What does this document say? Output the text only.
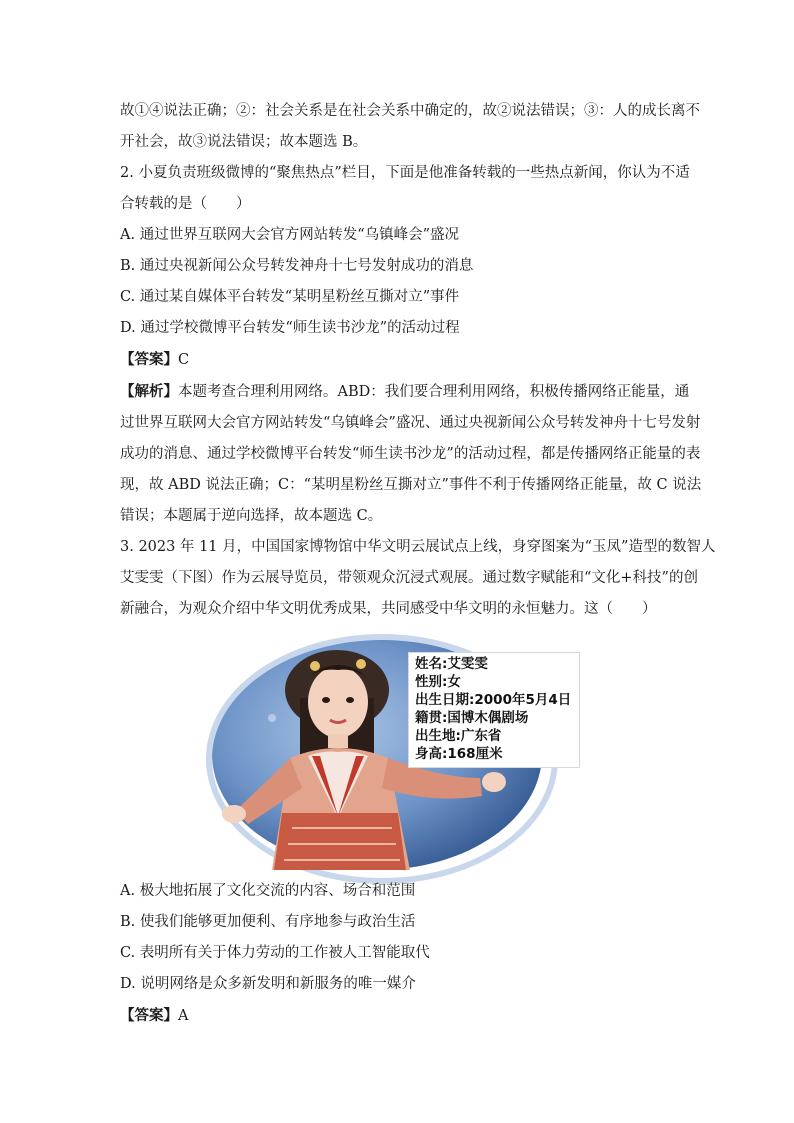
故①④说法正确；②：社会关系是在社会关系中确定的，故②说法错误；③：人的成长离不
开社会，故③说法错误；故本题选 B。
2. 小夏负责班级微博的“聚焦热点”栏目，下面是他准备转载的一些热点新闻，你认为不适
合转载的是（　　）
A. 通过世界互联网大会官方网站转发“乌镇峰会”盛况
B. 通过央视新闻公众号转发神舟十七号发射成功的消息
C. 通过某自媒体平台转发“某明星粉丝互撕对立”事件
D. 通过学校微博平台转发“师生读书沙龙”的活动过程
【答案】C
【解析】本题考查合理利用网络。ABD：我们要合理利用网络，积极传播网络正能量，通
过世界互联网大会官方网站转发“乌镇峰会”盛况、通过央视新闻公众号转发神舟十七号发射
成功的消息、通过学校微博平台转发“师生读书沙龙”的活动过程，都是传播网络正能量的表
现，故 ABD 说法正确；C：“某明星粉丝互撕对立”事件不利于传播网络正能量，故 C 说法
错误；本题属于逆向选择，故本题选 C。
3. 2023 年 11 月，中国国家博物馆中华文明云展试点上线，身穿图案为“玉凤”造型的数智人
艾雯雯（下图）作为云展导览员，带领观众沉浸式观展。通过数字赋能和“文化+科技”的创
新融合，为观众介绍中华文明优秀成果，共同感受中华文明的永恒魅力。这（　　）
姓名:艾雯雯
性别:女
出生日期:2000年5月4日
籍贯:国博木偶剧场
出生地:广东省
身高:168厘米
A. 极大地拓展了文化交流的内容、场合和范围
B. 使我们能够更加便利、有序地参与政治生活
C. 表明所有关于体力劳动的工作被人工智能取代
D. 说明网络是众多新发明和新服务的唯一媒介
【答案】A
